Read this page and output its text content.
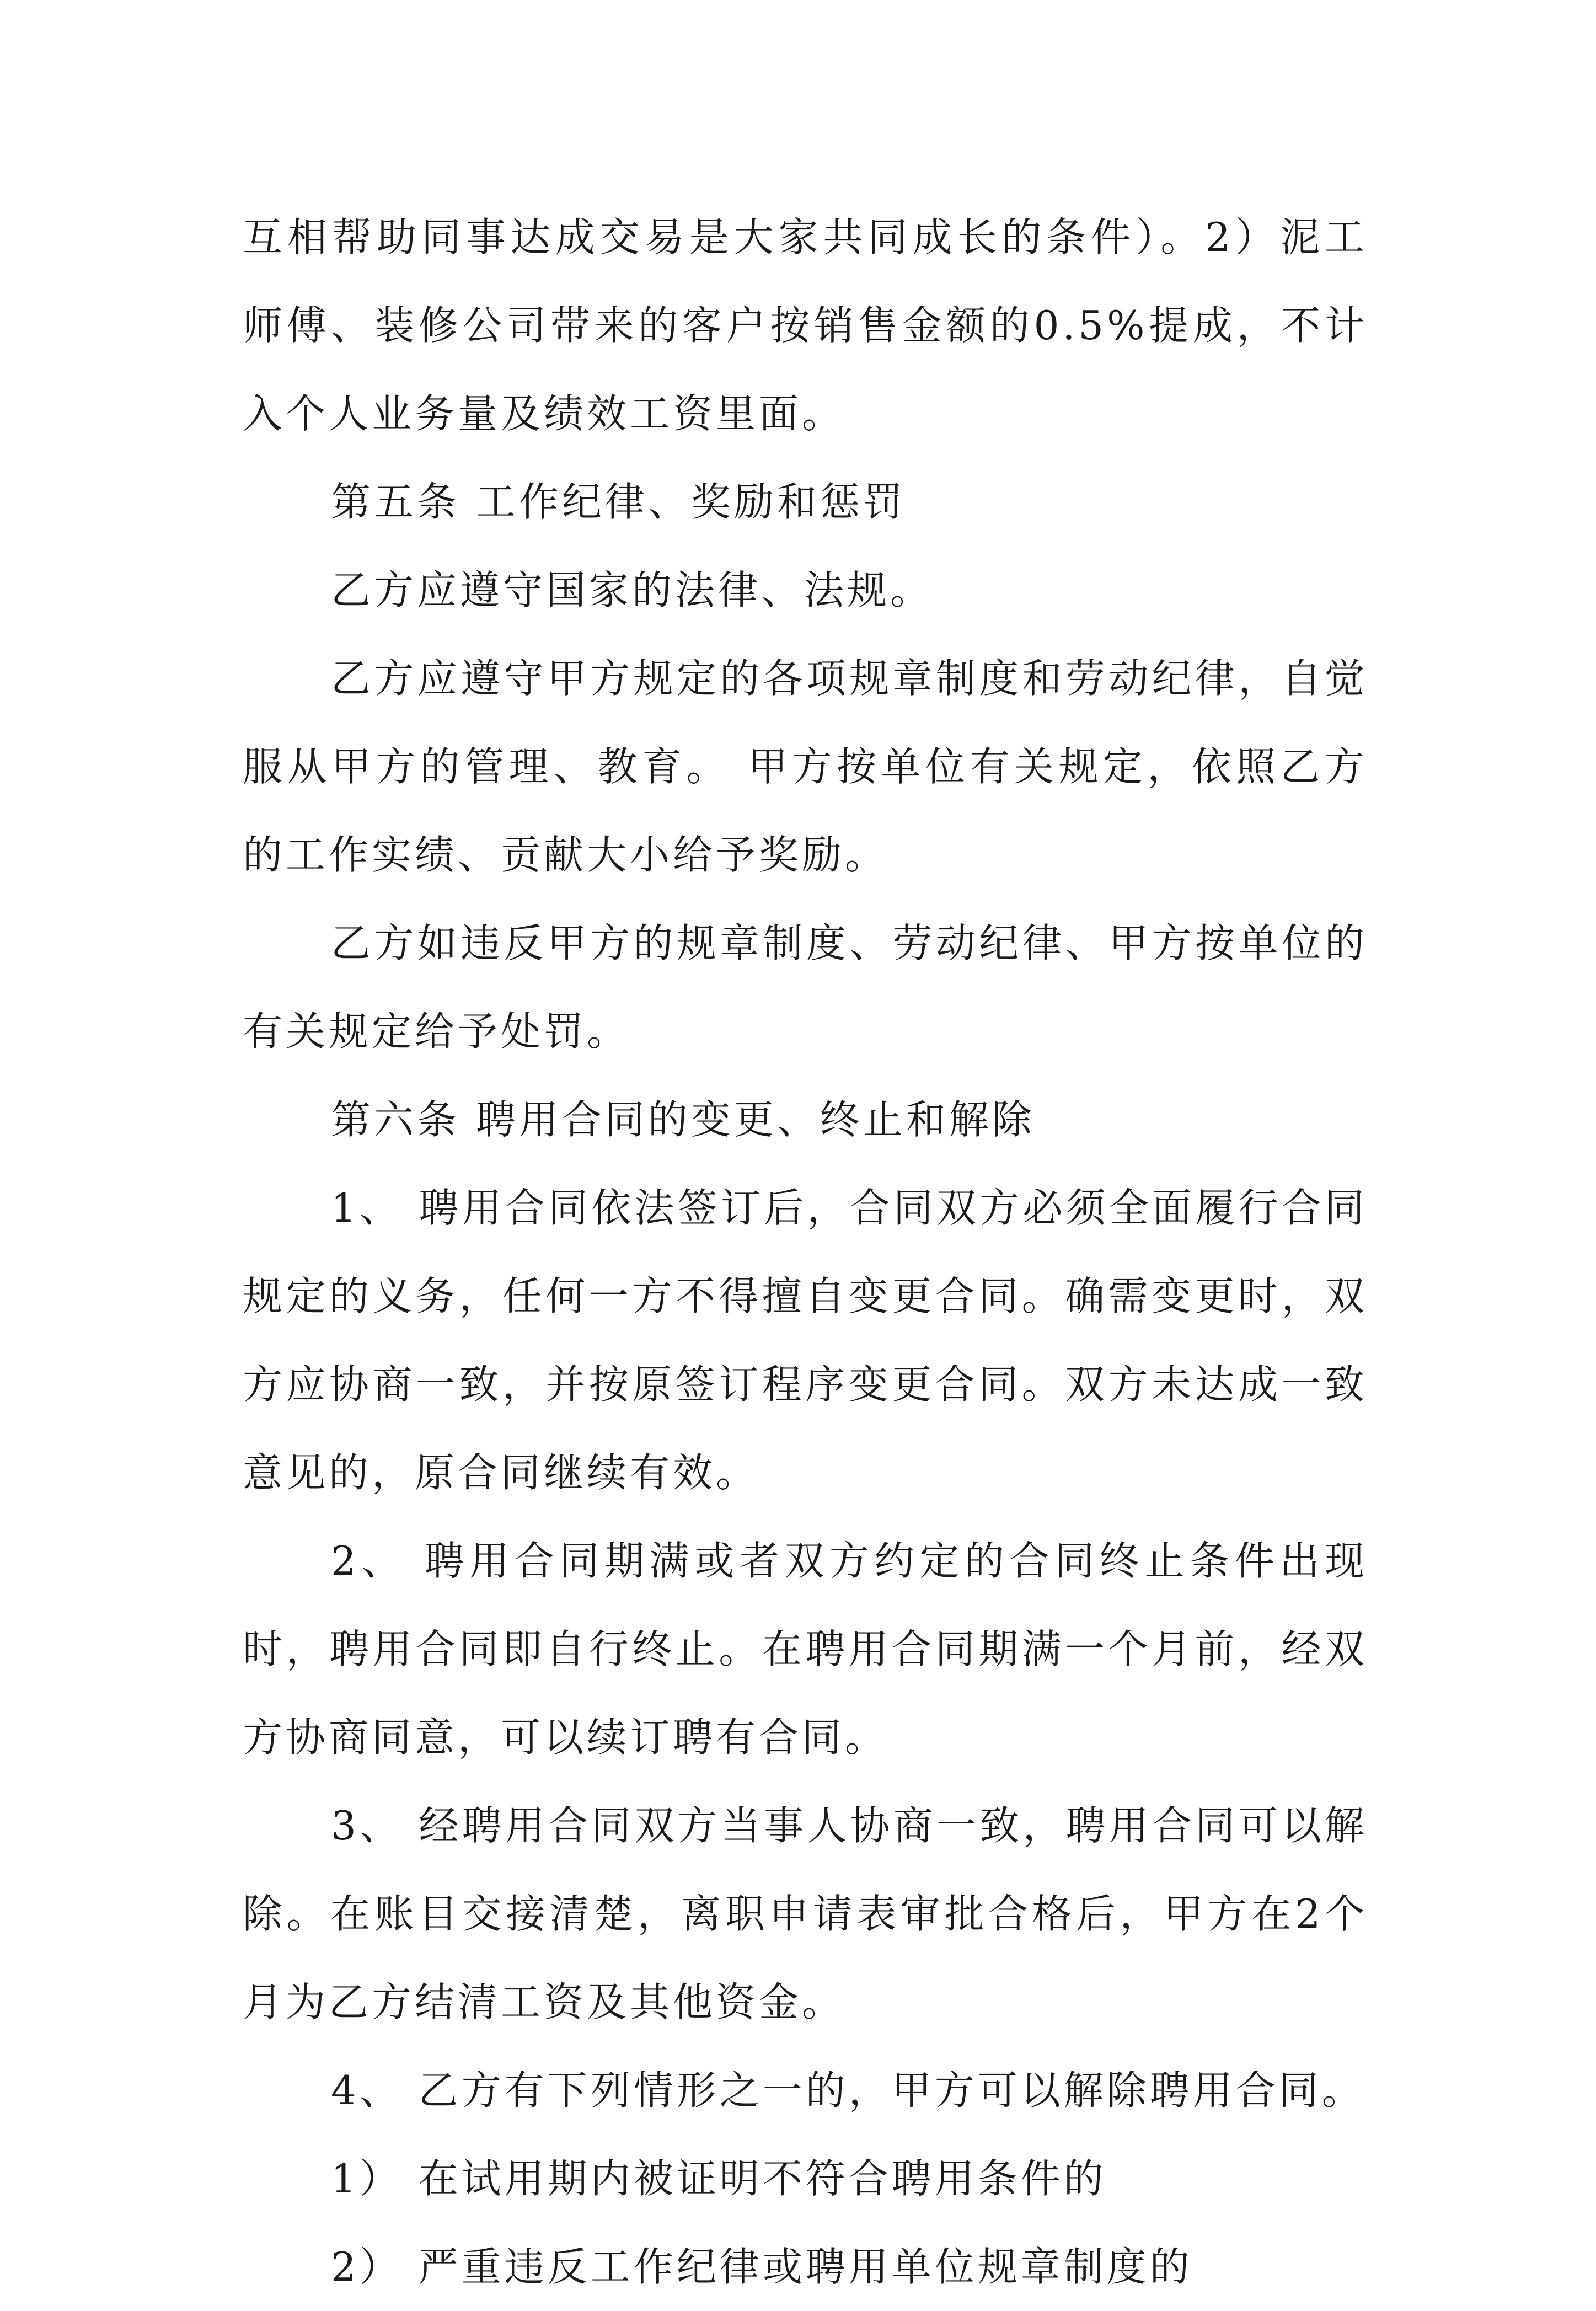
互相帮助同事达成交易是大家共同成长的条件）。2）泥工师傅、装修公司带来的客户按销售金额的0.5%提成，不计入个人业务量及绩效工资里面。

第五条 工作纪律、奖励和惩罚

乙方应遵守国家的法律、法规。

乙方应遵守甲方规定的各项规章制度和劳动纪律，自觉服从甲方的管理、教育。 甲方按单位有关规定，依照乙方的工作实绩、贡献大小给予奖励。

乙方如违反甲方的规章制度、劳动纪律、甲方按单位的有关规定给予处罚。

第六条 聘用合同的变更、终止和解除

1、 聘用合同依法签订后，合同双方必须全面履行合同规定的义务，任何一方不得擅自变更合同。确需变更时，双方应协商一致，并按原签订程序变更合同。双方未达成一致意见的，原合同继续有效。

2、 聘用合同期满或者双方约定的合同终止条件出现时，聘用合同即自行终止。在聘用合同期满一个月前，经双方协商同意，可以续订聘有合同。

3、 经聘用合同双方当事人协商一致，聘用合同可以解除。在账目交接清楚，离职申请表审批合格后，甲方在2个月为乙方结清工资及其他资金。

4、 乙方有下列情形之一的，甲方可以解除聘用合同。

1） 在试用期内被证明不符合聘用条件的

2） 严重违反工作纪律或聘用单位规章制度的
